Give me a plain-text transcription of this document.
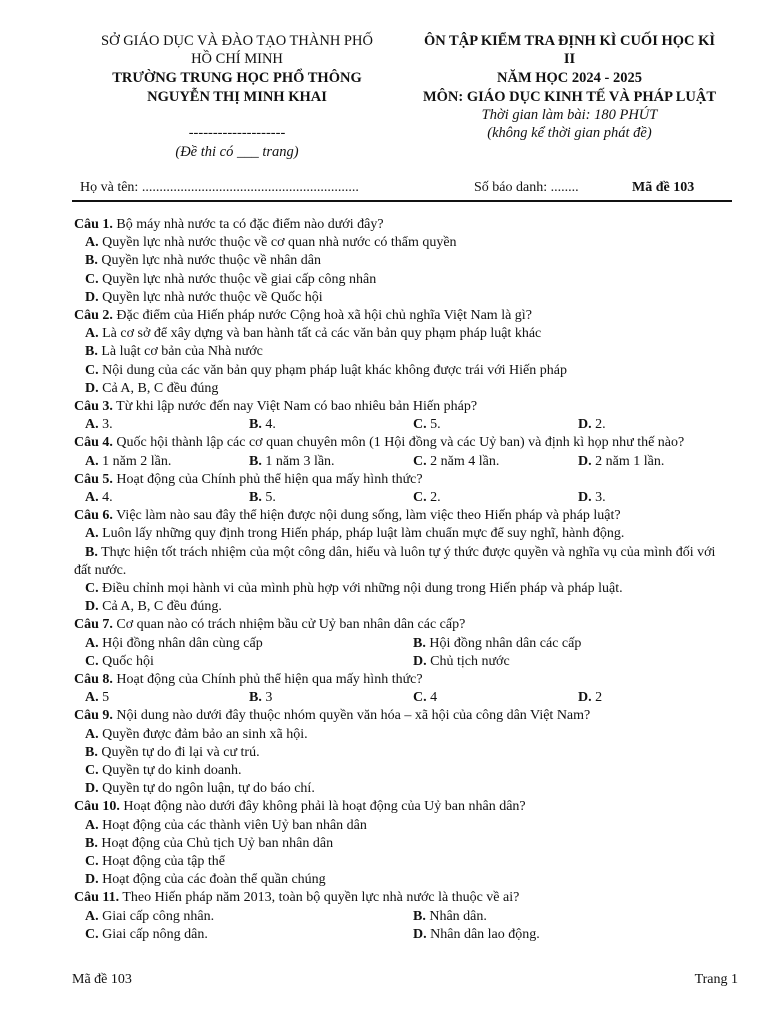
SỞ GIÁO DỤC VÀ ĐÀO TẠO THÀNH PHỐ
HỒ CHÍ MINH
TRƯỜNG TRUNG HỌC PHỔ THÔNG
NGUYỄN THỊ MINH KHAI
--------------------
(Đề thi có ___ trang)
ÔN TẬP KIỂM TRA ĐỊNH KÌ CUỐI HỌC KÌ
II
NĂM HỌC 2024 - 2025
MÔN: GIÁO DỤC KINH TẾ VÀ PHÁP LUẬT
Thời gian làm bài: 180 PHÚT
(không kể thời gian phát đề)
Họ và tên: ..............................................................	Số báo danh: ........	Mã đề 103
Câu 1. Bộ máy nhà nước ta có đặc điểm nào dưới đây?
A. Quyền lực nhà nước thuộc về cơ quan nhà nước có thẩm quyền
B. Quyền lực nhà nước thuộc về nhân dân
C. Quyền lực nhà nước thuộc về giai cấp công nhân
D. Quyền lực nhà nước thuộc về Quốc hội
Câu 2. Đặc điểm của Hiến pháp nước Cộng hoà xã hội chủ nghĩa Việt Nam là gì?
A. Là cơ sở để xây dựng và ban hành tất cả các văn bản quy phạm pháp luật khác
B. Là luật cơ bản của Nhà nước
C. Nội dung của các văn bản quy phạm pháp luật khác không được trái với Hiến pháp
D. Cả A, B, C đều đúng
Câu 3. Từ khi lập nước đến nay Việt Nam có bao nhiêu bản Hiến pháp?
A. 3.	B. 4.	C. 5.	D. 2.
Câu 4. Quốc hội thành lập các cơ quan chuyên môn (1 Hội đồng và các Uỷ ban) và định kì họp như thế nào?
A. 1 năm 2 lần.	B. 1 năm 3 lần.	C. 2 năm 4 lần.	D. 2 năm 1 lần.
Câu 5. Hoạt động của Chính phủ thể hiện qua mấy hình thức?
A. 4.	B. 5.	C. 2.	D. 3.
Câu 6. Việc làm nào sau đây thể hiện được nội dung sống, làm việc theo Hiến pháp và pháp luật?
A. Luôn lấy những quy định trong Hiến pháp, pháp luật làm chuẩn mực để suy nghĩ, hành động.
B. Thực hiện tốt trách nhiệm của một công dân, hiểu và luôn tự ý thức được quyền và nghĩa vụ của mình đối với đất nước.
C. Điều chỉnh mọi hành vi của mình phù hợp với những nội dung trong Hiến pháp và pháp luật.
D. Cả A, B, C đều đúng.
Câu 7. Cơ quan nào có trách nhiệm bầu cử Uỷ ban nhân dân các cấp?
A. Hội đồng nhân dân cùng cấp	B. Hội đồng nhân dân các cấp
C. Quốc hội	D. Chủ tịch nước
Câu 8. Hoạt động của Chính phủ thể hiện qua mấy hình thức?
A. 5	B. 3	C. 4	D. 2
Câu 9. Nội dung nào dưới đây thuộc nhóm quyền văn hóa – xã hội của công dân Việt Nam?
A. Quyền được đảm bảo an sinh xã hội.
B. Quyền tự do đi lại và cư trú.
C. Quyền tự do kinh doanh.
D. Quyền tự do ngôn luận, tự do báo chí.
Câu 10. Hoạt động nào dưới đây không phải là hoạt động của Uỷ ban nhân dân?
A. Hoạt động của các thành viên Uỷ ban nhân dân
B. Hoạt động của Chủ tịch Uỷ ban nhân dân
C. Hoạt động của tập thể
D. Hoạt động của các đoàn thể quần chúng
Câu 11. Theo Hiến pháp năm 2013, toàn bộ quyền lực nhà nước là thuộc về ai?
A. Giai cấp công nhân.	B. Nhân dân.
C. Giai cấp nông dân.	D. Nhân dân lao động.
Mã đề 103	Trang 1
